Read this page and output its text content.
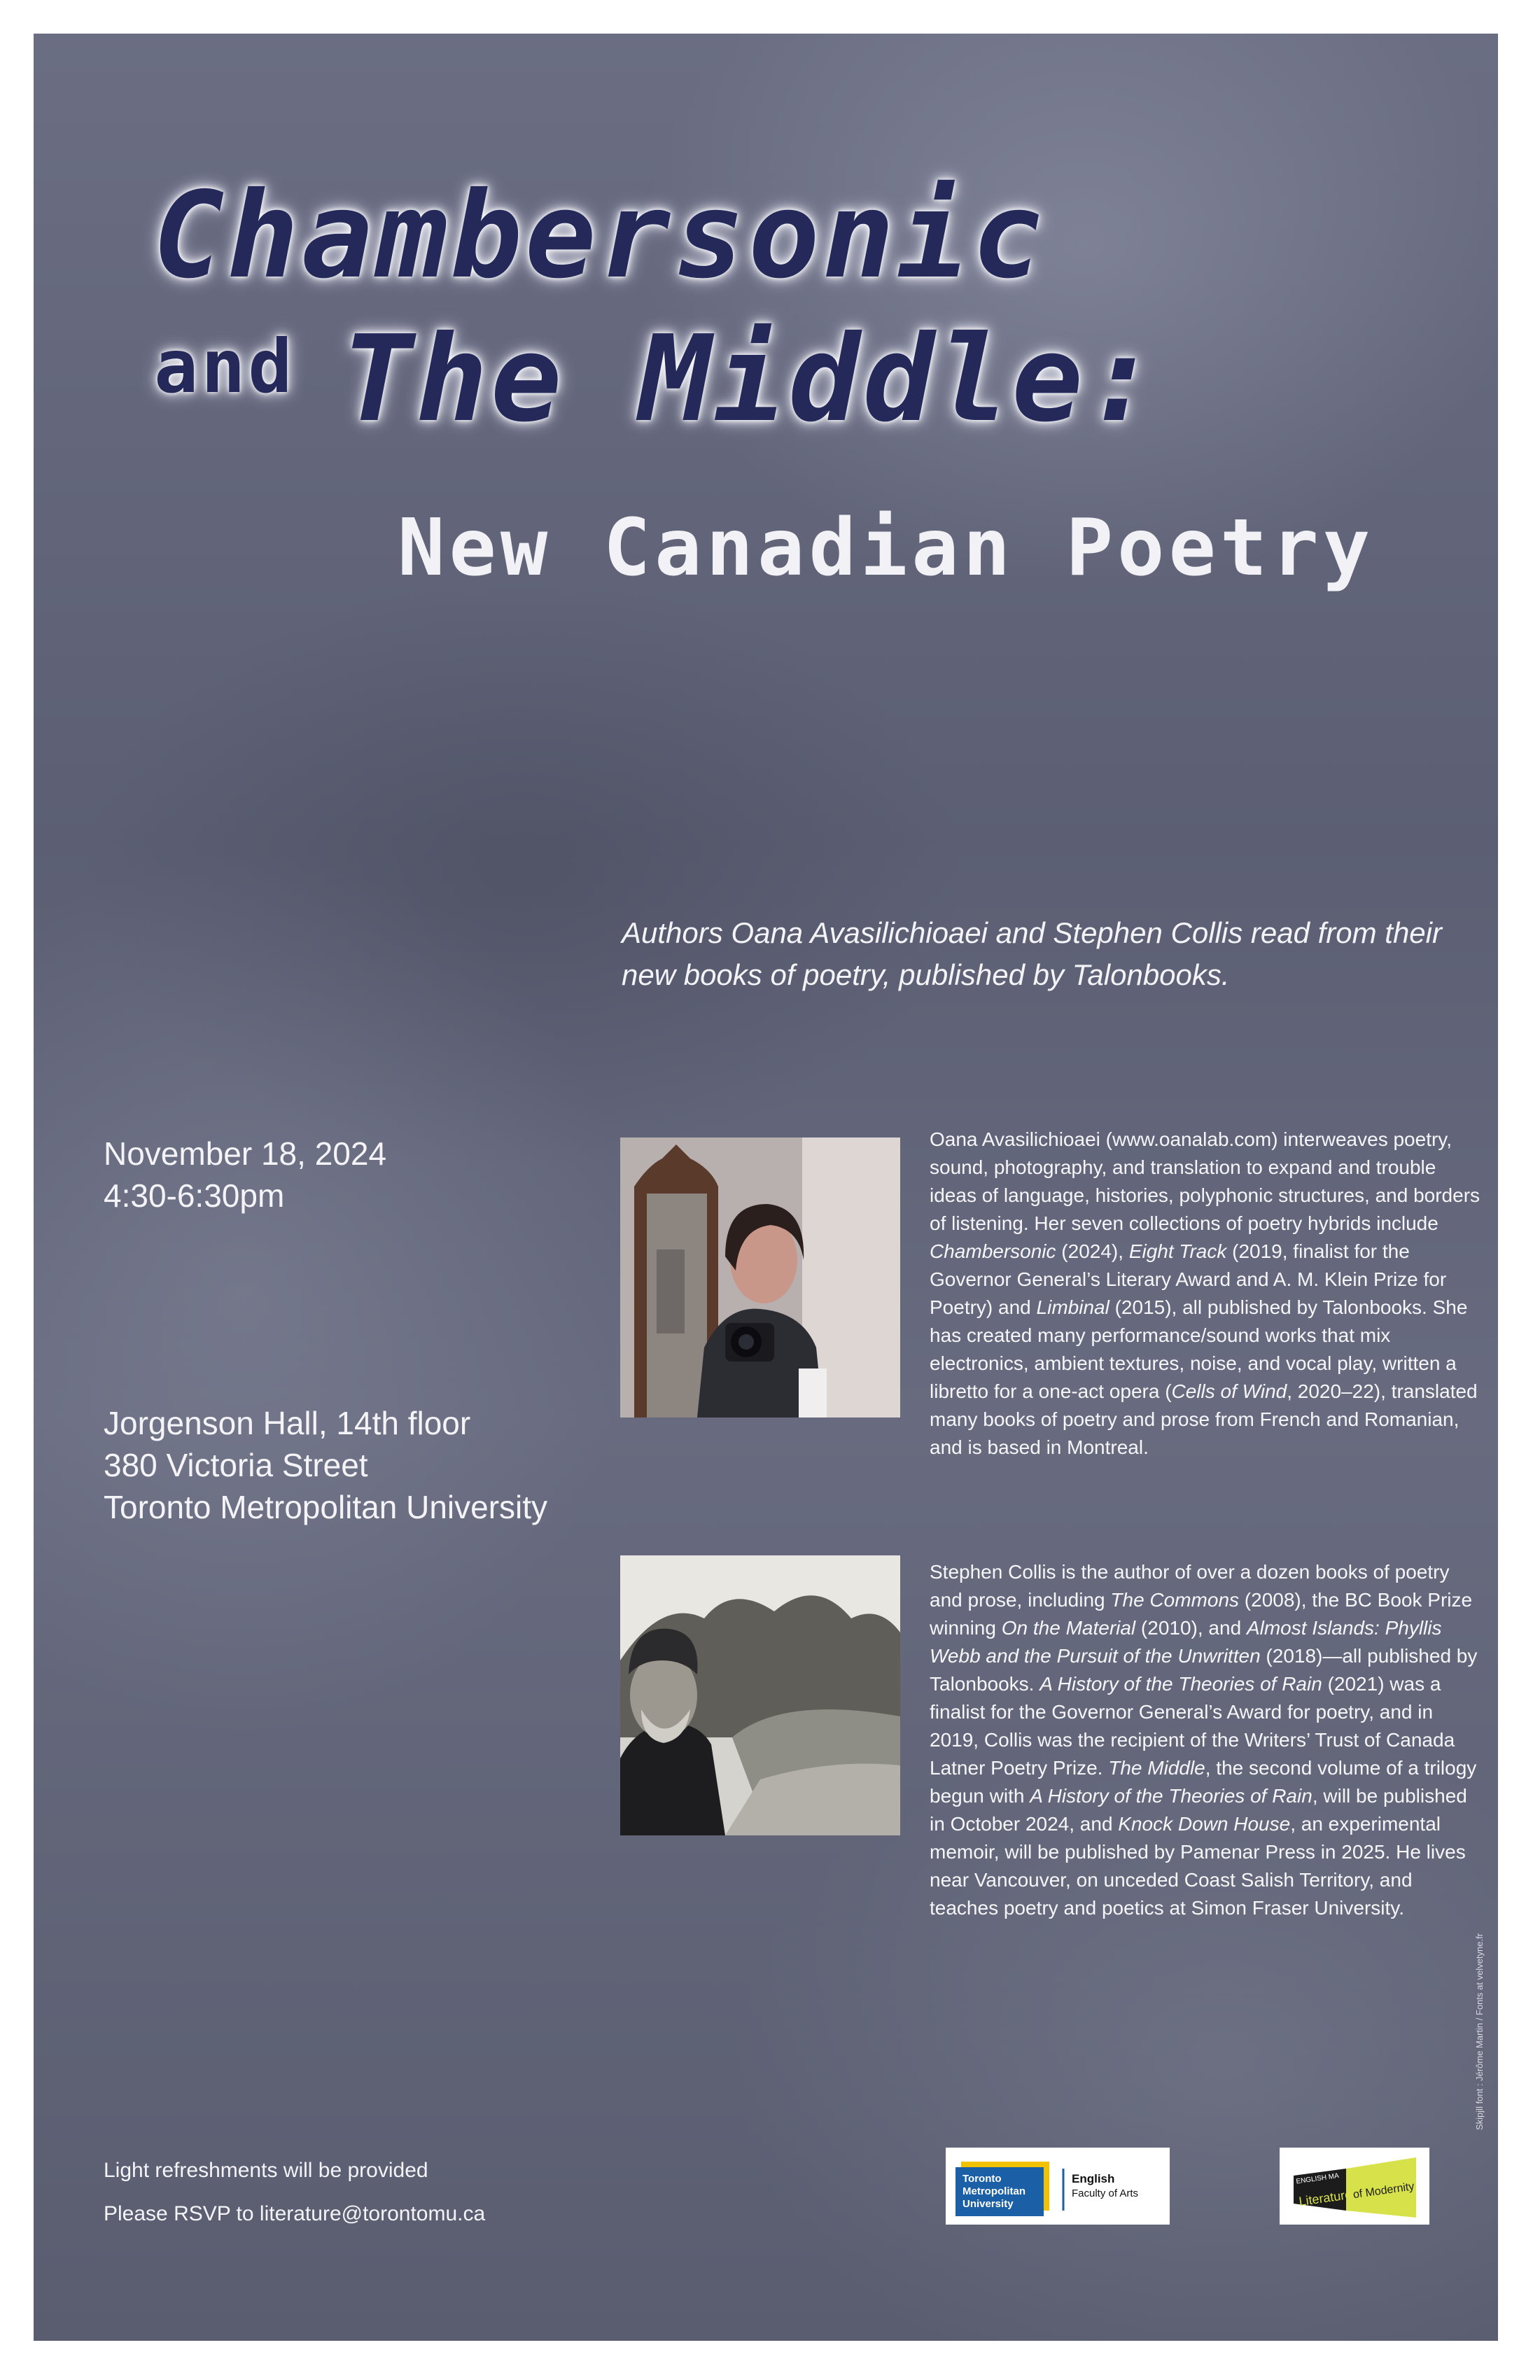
Chambersonic
and The Middle:
New Canadian Poetry

Authors Oana Avasilichioaei and Stephen Collis read from their new books of poetry, published by Talonbooks.

November 18, 2024
4:30-6:30pm
Jorgenson Hall, 14th floor
380 Victoria Street
Toronto Metropolitan University

Oana Avasilichioaei (www.oanalab.com) interweaves poetry, sound, photography, and translation to expand and trouble ideas of language, histories, polyphonic structures, and borders of listening. Her seven collections of poetry hybrids include Chambersonic (2024), Eight Track (2019, finalist for the Governor General’s Literary Award and A. M. Klein Prize for Poetry) and Limbinal (2015), all published by Talonbooks. She has created many performance/sound works that mix electronics, ambient textures, noise, and vocal play, written a libretto for a one-act opera (Cells of Wind, 2020–22), translated many books of poetry and prose from French and Romanian, and is based in Montreal.

Stephen Collis is the author of over a dozen books of poetry and prose, including The Commons (2008), the BC Book Prize winning On the Material (2010), and Almost Islands: Phyllis Webb and the Pursuit of the Unwritten (2018)—all published by Talonbooks. A History of the Theories of Rain (2021) was a finalist for the Governor General’s Award for poetry, and in 2019, Collis was the recipient of the Writers’ Trust of Canada Latner Poetry Prize. The Middle, the second volume of a trilogy begun with A History of the Theories of Rain, will be published in October 2024, and Knock Down House, an experimental memoir, will be published by Pamenar Press in 2025. He lives near Vancouver, on unceded Coast Salish Territory, and teaches poetry and poetics at Simon Fraser University.

Light refreshments will be provided
Please RSVP to literature@torontomu.ca
Toronto
Metropolitan
University
English
Faculty of Arts
ENGLISH MA
Literatures
of Modernity
Skipjll font : Jérôme Martin / Fonts at velvetyne.fr
